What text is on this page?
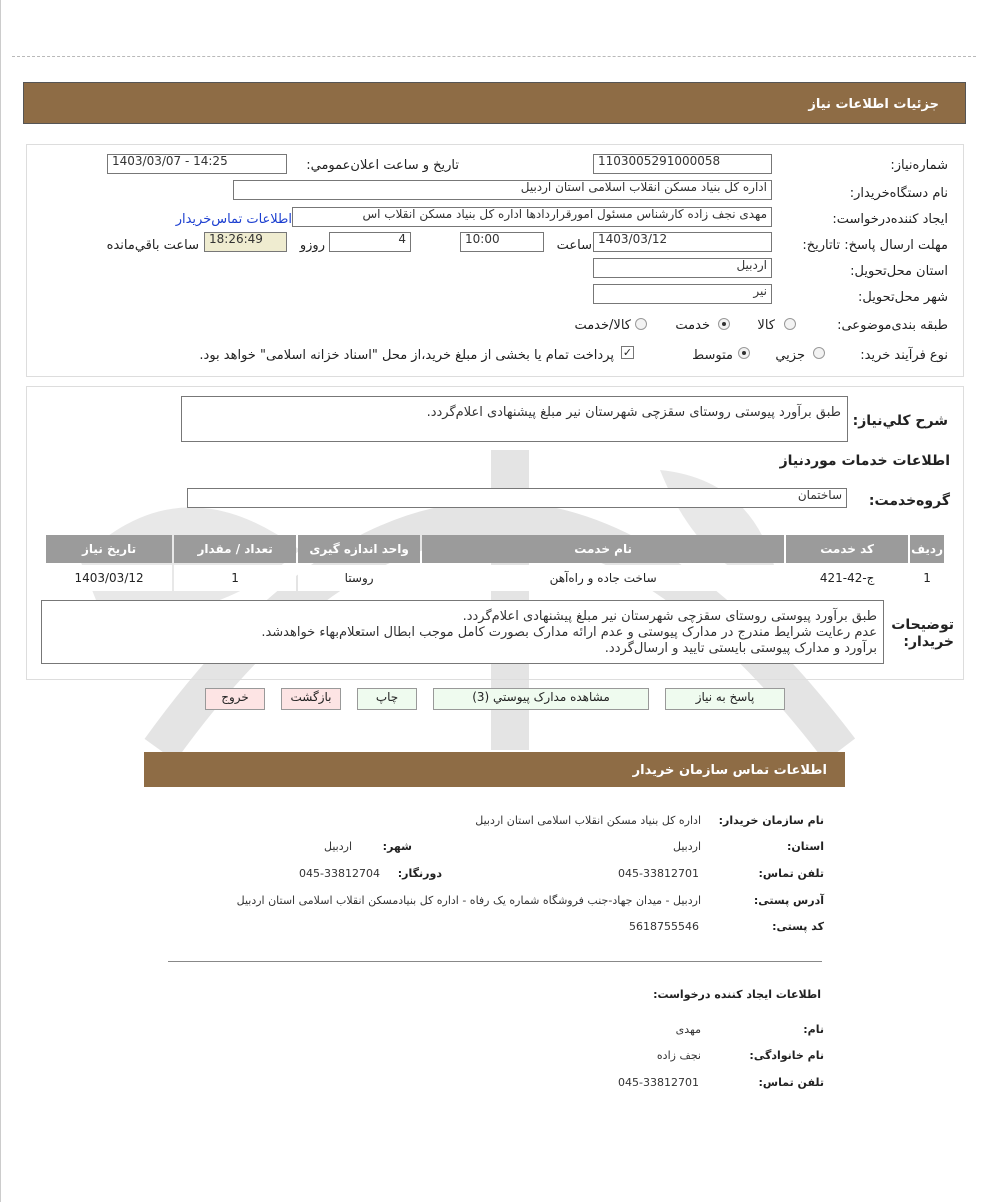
جزئيات اطلاعات نياز
شماره‌نياز:
1103005291000058
تاريخ و ساعت اعلان‌عمومي:
1403/03/07 - 14:25
نام دستگاه‌خريدار:
اداره کل بنیاد مسکن انقلاب اسلامی استان اردبیل
ايجاد کننده‌درخواست:
مهدی نجف زاده کارشناس مسئول امورقراردادها اداره کل بنیاد مسکن انقلاب اس
اطلاعات تماس‌خريدار
مهلت ارسال پاسخ: تاتاريخ:
1403/03/12
ساعت
10:00
4
روزو
18:26:49
ساعت باقي‌مانده
استان محل‌تحويل:
اردبیل
شهر محل‌تحويل:
نیر
طبقه بندی‌موضوعی:
کالا
خدمت
کالا/خدمت
نوع فرآيند خريد:
جزيي
متوسط
✓
پرداخت تمام يا بخشی از مبلغ خريد،از محل "اسناد خزانه اسلامی" خواهد بود.
شرح کلي‌نياز:
طبق برآورد پیوستی روستای سقزچی شهرستان نیر مبلغ پیشنهادی اعلام‌گردد.
اطلاعات خدمات مورد‌نياز
گروه‌خدمت:
ساختمان
رديف	کد خدمت	نام خدمت	واحد اندازه گيری	تعداد / مقدار	تاريخ نياز
1	ج-42-421	ساخت جاده و راه‌آهن	روستا	1	1403/03/12
توضيحات خريدار:
طبق برآورد پیوستی روستای سقزچی شهرستان نیر مبلغ پیشنهادی اعلام‌گردد.
عدم رعایت شرایط مندرج در مدارک پیوستی و عدم ارائه مدارک بصورت کامل موجب ابطال استعلام‌بهاء خواهدشد.
برآورد و مدارک پیوستی بایستی تایید و ارسال‌گردد.
پاسخ به نياز
مشاهده مدارک پيوستي (3)
چاپ
بازگشت
خروج
اطلاعات تماس سازمان خريدار
نام سازمان خريدار:
اداره کل بنیاد مسکن انقلاب اسلامی استان اردبیل
استان:
اردبیل
شهر:
اردبیل
تلفن تماس:
045-33812701
دورنگار:
045-33812704
آدرس پستی:
اردبیل - میدان جهاد-جنب فروشگاه شماره یک رفاه - اداره کل بنیادمسکن انقلاب اسلامی استان اردبیل
کد پستی:
5618755546
اطلاعات ايجاد کننده درخواست:
نام:
مهدی
نام خانوادگی:
نجف زاده
تلفن تماس:
045-33812701
